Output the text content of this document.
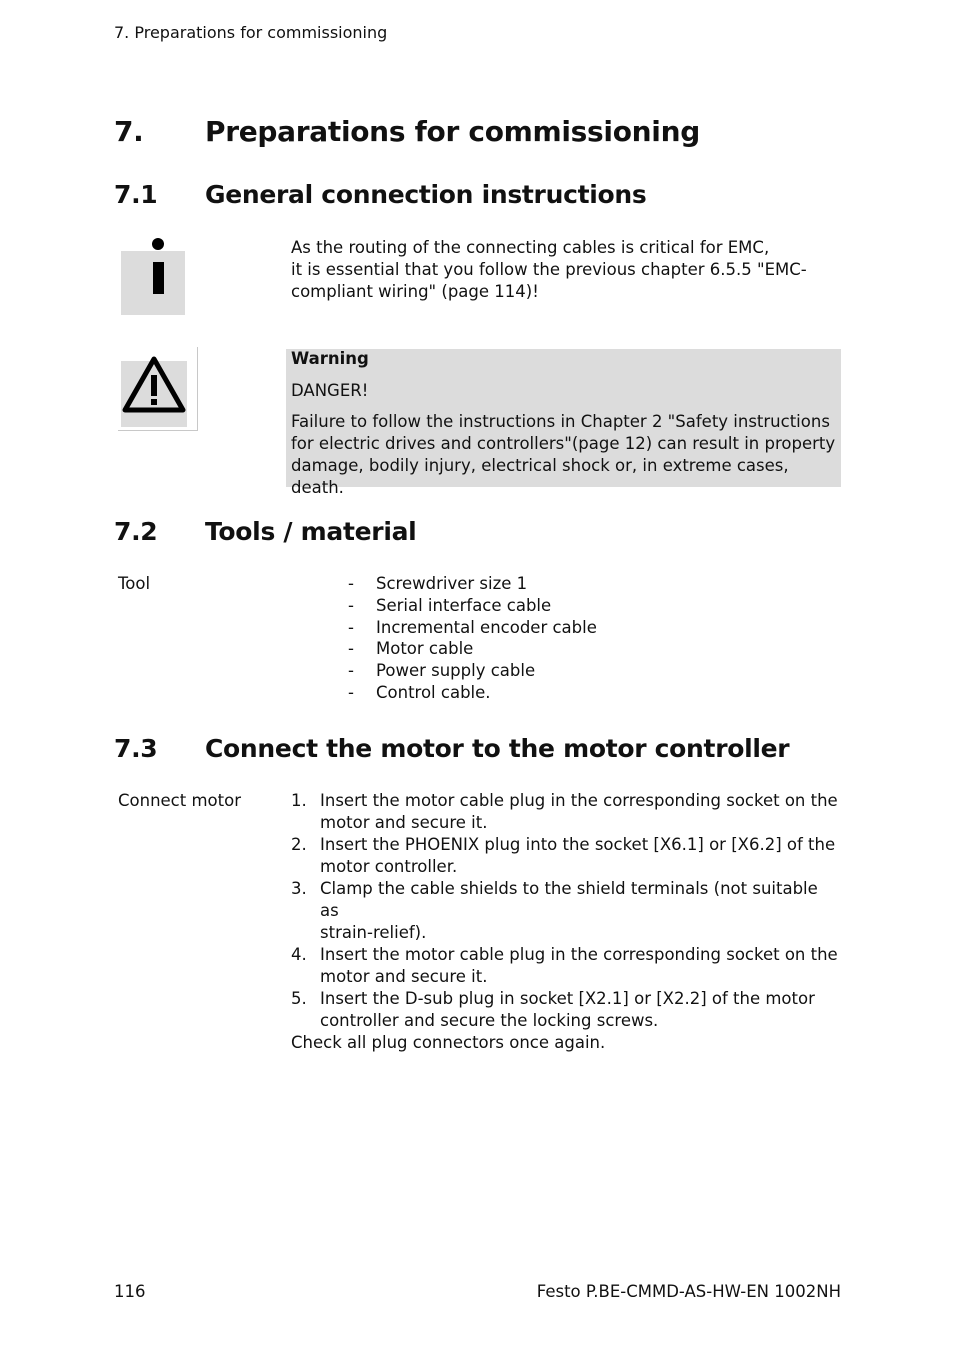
7. Preparations for commissioning
7. Preparations for commissioning
7.1 General connection instructions
As the routing of the connecting cables is critical for EMC,
it is essential that you follow the previous chapter 6.5.5 "EMC-
compliant wiring" (page 114)!
Warning
DANGER!
Failure to follow the instructions in Chapter 2 "Safety instructions
for electric drives and controllers"(page 12) can result in property
damage, bodily injury, electrical shock or, in extreme cases, death.
7.2 Tools / material
Tool	- Screwdriver size 1
- Serial interface cable
- Incremental encoder cable
- Motor cable
- Power supply cable
- Control cable.
7.3 Connect the motor to the motor controller
Connect motor	1. Insert the motor cable plug in the corresponding socket on the
motor and secure it.
2. Insert the PHOENIX plug into the socket [X6.1] or [X6.2] of the
motor controller.
3. Clamp the cable shields to the shield terminals (not suitable as
strain-relief).
4. Insert the motor cable plug in the corresponding socket on the
motor and secure it.
5. Insert the D-sub plug in socket [X2.1] or [X2.2] of the motor
controller and secure the locking screws.
Check all plug connectors once again.
116	Festo P.BE-CMMD-AS-HW-EN 1002NH
